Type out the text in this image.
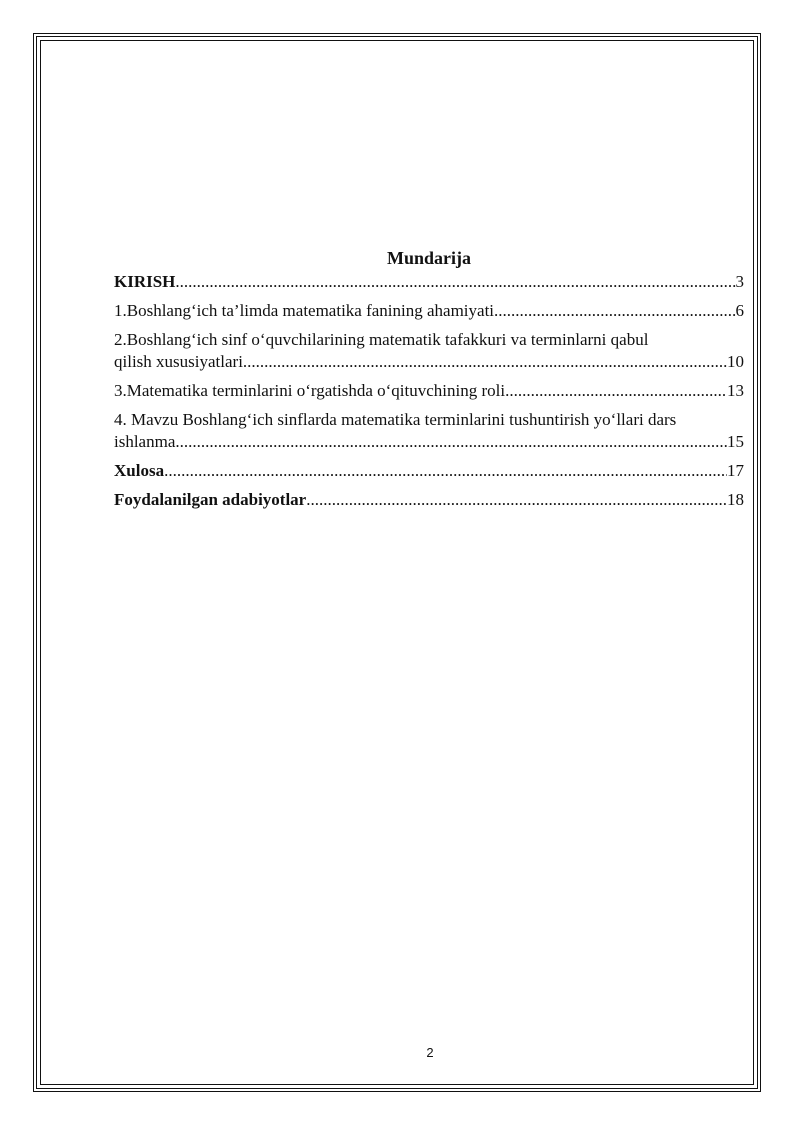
Mundarija
KIRISH .....	3
1.Boshlang‘ich ta’limda matematika fanining ahamiyati .....	6
2.Boshlang‘ich sinf o‘quvchilarining matematik tafakkuri va terminlarni qabul
qilish xususiyatlari .....	10
3.Matematika terminlarini o‘rgatishda o‘qituvchining roli .....	13
4. Mavzu Boshlang‘ich sinflarda matematika terminlarini tushuntirish yo‘llari dars
ishlanma .....	15
Xulosa .....	17
Foydalanilgan adabiyotlar .....	18
2
